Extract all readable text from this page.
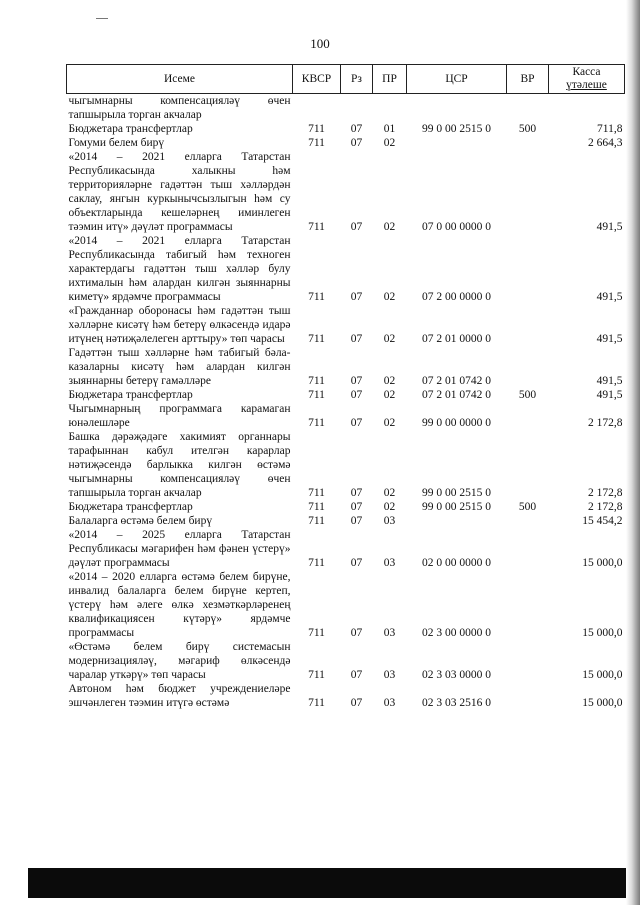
100
Исеме	КВСР	Рз	ПР	ЦСР	ВР	Касса
үтәлеше
чыгымнарны компенсацияләү өчен тапшырыла торган акчалар						
Бюджетара трансфертлар	711	07	01	99 0 00 2515 0	500	711,8
Гомуми белем бирү	711	07	02			2 664,3
«2014 – 2021 елларга Татарстан Республикасында халыкны һәм территорияләрне гадәттән тыш хәлләрдән саклау, янгын куркынычсызлыгын һәм су объектларында кешеләрнең иминлеген тәэмин итү» дәүләт программасы	711	07	02	07 0 00 0000 0		491,5
«2014 – 2021 елларга Татарстан Республикасында табигый һәм техноген характердагы гадәттән тыш хәлләр булу ихтималын һәм алардан килгән зыяннарны киметү» ярдәмче программасы	711	07	02	07 2 00 0000 0		491,5
«Гражданнар оборонасы һәм гадәттән тыш хәлләрне кисәтү һәм бетерү өлкәсендә идарә итүнең нәтиҗәлелеген арттыру» төп чарасы	711	07	02	07 2 01 0000 0		491,5
Гадәттән тыш хәлләрне һәм табигый бәла-казаларны кисәтү һәм алардан килгән зыяннарны бетерү гамәлләре	711	07	02	07 2 01 0742 0		491,5
Бюджетара трансфертлар	711	07	02	07 2 01 0742 0	500	491,5
Чыгымнарның программага карамаган юнәлешләре	711	07	02	99 0 00 0000 0		2 172,8
Башка дәрәҗәдәге хакимият органнары тарафыннан кабул ителгән карарлар нәтиҗәсендә барлыкка килгән өстәмә чыгымнарны компенсацияләү өчен тапшырыла торган акчалар	711	07	02	99 0 00 2515 0		2 172,8
Бюджетара трансфертлар	711	07	02	99 0 00 2515 0	500	2 172,8
Балаларга өстәмә белем бирү	711	07	03			15 454,2
«2014 – 2025 елларга Татарстан Республикасы мәгарифен һәм фәнен үстерү» дәүләт программасы	711	07	03	02 0 00 0000 0		15 000,0
«2014 – 2020 елларга өстәмә белем бирүне, инвалид балаларга белем бирүне кертеп, үстерү һәм әлеге өлкә хезмәткәрләренең квалификациясен күтәрү» ярдәмче программасы	711	07	03	02 3 00 0000 0		15 000,0
«Өстәмә белем бирү системасын модернизацияләү, мәгариф өлкәсендә чаралар уткәрү» төп чарасы	711	07	03	02 3 03 0000 0		15 000,0
Автоном һәм бюджет учреждениеләре эшчәнлеген тәэмин итүгә өстәмә	711	07	03	02 3 03 2516 0		15 000,0
